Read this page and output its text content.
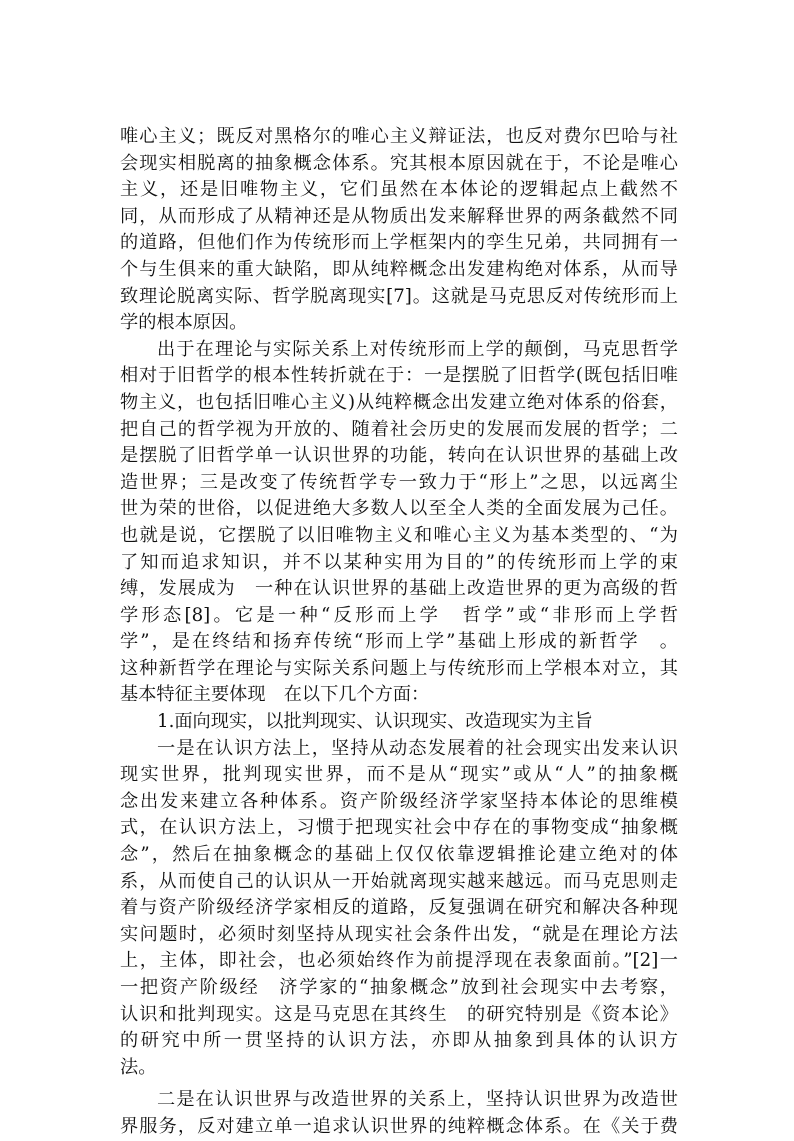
唯心主义；既反对黑格尔的唯心主义辩证法，也反对费尔巴哈与社
会现实相脱离的抽象概念体系。究其根本原因就在于，不论是唯心
主义，还是旧唯物主义，它们虽然在本体论的逻辑起点上截然不
同，从而形成了从精神还是从物质出发来解释世界的两条截然不同
的道路，但他们作为传统形而上学框架内的孪生兄弟，共同拥有一
个与生俱来的重大缺陷，即从纯粹概念出发建构绝对体系，从而导
致理论脱离实际、哲学脱离现实[7]。这就是马克思反对传统形而上
学的根本原因。
出于在理论与实际关系上对传统形而上学的颠倒，马克思哲学
相对于旧哲学的根本性转折就在于：一是摆脱了旧哲学(既包括旧唯
物主义，也包括旧唯心主义)从纯粹概念出发建立绝对体系的俗套，
把自己的哲学视为开放的、随着社会历史的发展而发展的哲学；二
是摆脱了旧哲学单一认识世界的功能，转向在认识世界的基础上改
造世界；三是改变了传统哲学专一致力于“形上”之思，以远离尘
世为荣的世俗，以促进绝大多数人以至全人类的全面发展为己任。
也就是说，它摆脱了以旧唯物主义和唯心主义为基本类型的、“为
了知而追求知识，并不以某种实用为目的”的传统形而上学的束
缚，发展成为　一种在认识世界的基础上改造世界的更为高级的哲
学形态[8]。它是一种“反形而上学　哲学”或“非形而上学哲
学”，是在终结和扬弃传统“形而上学”基础上形成的新哲学　。
这种新哲学在理论与实际关系问题上与传统形而上学根本对立，其
基本特征主要体现　在以下几个方面：
1.面向现实，以批判现实、认识现实、改造现实为主旨
一是在认识方法上，坚持从动态发展着的社会现实出发来认识
现实世界，批判现实世界，而不是从“现实”或从“人”的抽象概
念出发来建立各种体系。资产阶级经济学家坚持本体论的思维模
式，在认识方法上，习惯于把现实社会中存在的事物变成“抽象概
念”，然后在抽象概念的基础上仅仅依靠逻辑推论建立绝对的体
系，从而使自己的认识从一开始就离现实越来越远。而马克思则走
着与资产阶级经济学家相反的道路，反复强调在研究和解决各种现
实问题时，必须时刻坚持从现实社会条件出发，“就是在理论方法
上，主体，即社会，也必须始终作为前提浮现在表象面前。”[2]一
一把资产阶级经　济学家的“抽象概念”放到社会现实中去考察，
认识和批判现实。这是马克思在其终生　的研究特别是《资本论》
的研究中所一贯坚持的认识方法，亦即从抽象到具体的认识方
法。
二是在认识世界与改造世界的关系上，坚持认识世界为改造世
界服务，反对建立单一追求认识世界的纯粹概念体系。在《关于费
